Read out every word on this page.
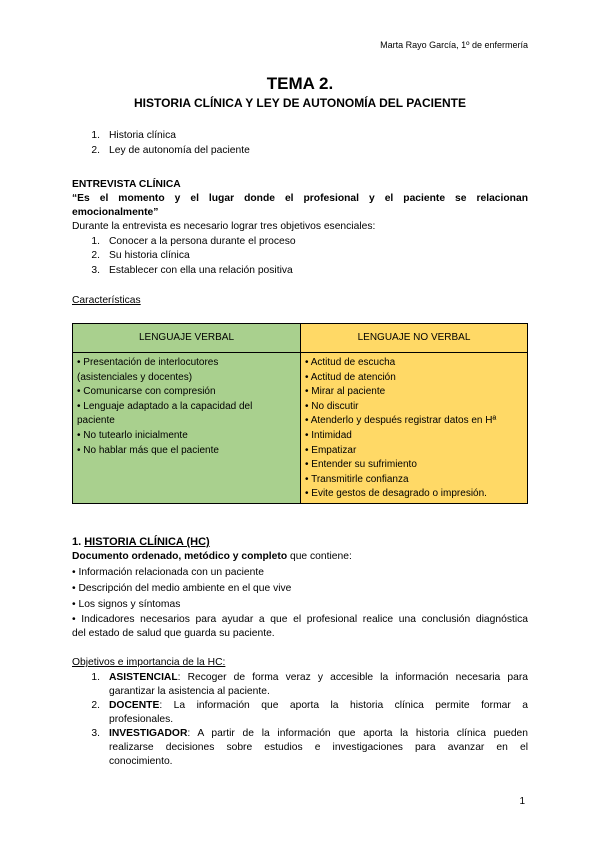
Marta Rayo García, 1º de enfermería
TEMA 2.
HISTORIA CLÍNICA Y LEY DE AUTONOMÍA DEL PACIENTE
1. Historia clínica
2. Ley de autonomía del paciente
ENTREVISTA CLÍNICA
“Es el momento y el lugar donde el profesional y el paciente se relacionan
emocionalmente”
Durante la entrevista es necesario lograr tres objetivos esenciales:
1. Conocer a la persona durante el proceso
2. Su historia clínica
3. Establecer con ella una relación positiva
Características
LENGUAJE VERBAL	LENGUAJE NO VERBAL
• Presentación de interlocutores
(asistenciales y docentes)
• Comunicarse con compresión
• Lenguaje adaptado a la capacidad del
paciente
• No tutearlo inicialmente
• No hablar más que el paciente
• Actitud de escucha
• Actitud de atención
• Mirar al paciente
• No discutir
• Atenderlo y después registrar datos en Hª
• Intimidad
• Empatizar
• Entender su sufrimiento
• Transmitirle confianza
• Evite gestos de desagrado o impresión.
1. HISTORIA CLÍNICA (HC)
Documento ordenado, metódico y completo que contiene:
• Información relacionada con un paciente
• Descripción del medio ambiente en el que vive
• Los signos y síntomas
• Indicadores necesarios para ayudar a que el profesional realice una conclusión diagnóstica
del estado de salud que guarda su paciente.
Objetivos e importancia de la HC:
1. ASISTENCIAL: Recoger de forma veraz y accesible la información necesaria para
garantizar la asistencia al paciente.
2. DOCENTE: La información que aporta la historia clínica permite formar a
profesionales.
3. INVESTIGADOR: A partir de la información que aporta la historia clínica pueden
realizarse decisiones sobre estudios e investigaciones para avanzar en el
conocimiento.
1
